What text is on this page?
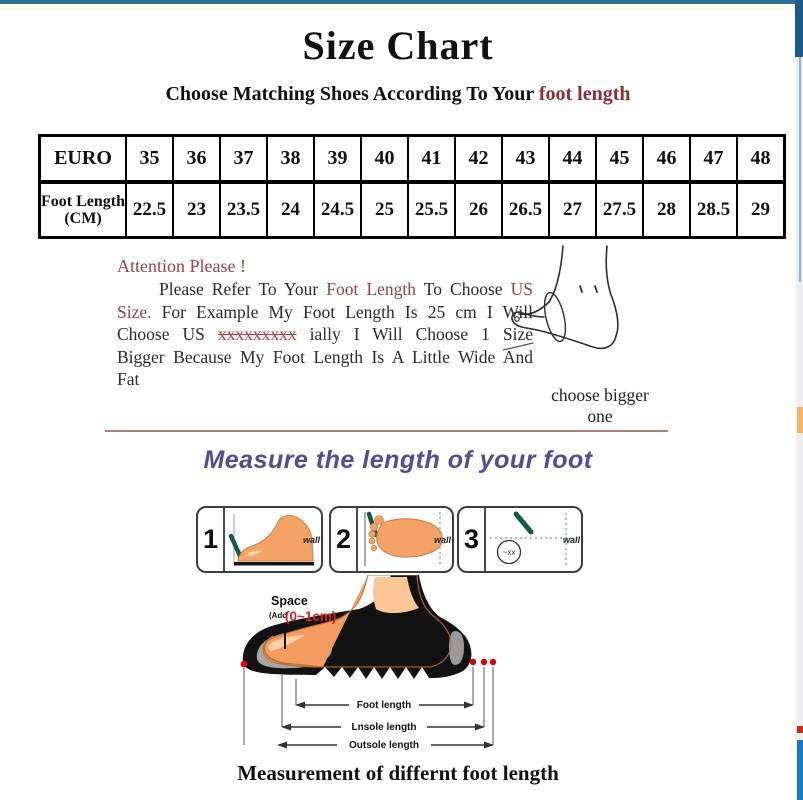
Size Chart
Choose Matching Shoes According To Your foot length
EURO	35	36	37	38	39	40	41	42	43	44	45	46	47	48
Foot Length (CM)	22.5	23	23.5	24	24.5	25	25.5	26	26.5	27	27.5	28	28.5	29
Attention Please !
Please Refer To Your Foot Length To Choose US Size. For Example My Foot Length Is 25 cm I Will Choose US xxxxxxxxx ially I Will Choose 1 Size Bigger Because My Foot Length Is A Little Wide And Fat
choose bigger one
Measure the length of your foot
1	wall 2	wall 3	~xx
wall
Space
(Add
(0~1cm)
Foot length
Lnsole length
Outsole length
Measurement of differnt foot length
